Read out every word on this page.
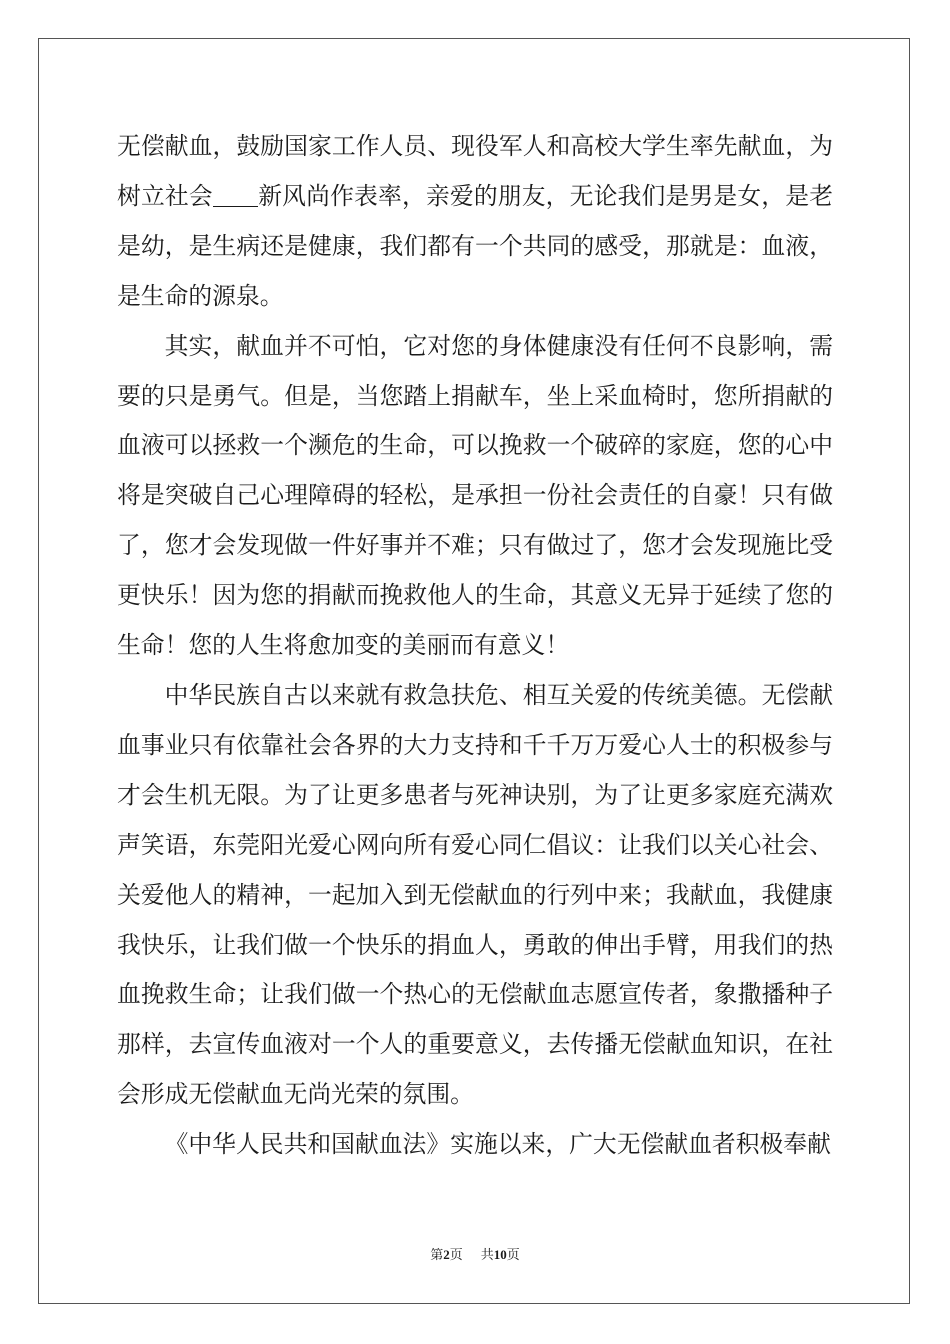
无偿献血，鼓励国家工作人员、现役军人和高校大学生率先献血，为树立社会 新风尚作表率，亲爱的朋友，无论我们是男是女，是老是幼，是生病还是健康，我们都有一个共同的感受，那就是：血液，是生命的源泉。

其实，献血并不可怕，它对您的身体健康没有任何不良影响，需要的只是勇气。但是，当您踏上捐献车，坐上采血椅时，您所捐献的血液可以拯救一个濒危的生命，可以挽救一个破碎的家庭，您的心中将是突破自己心理障碍的轻松，是承担一份社会责任的自豪！只有做了，您才会发现做一件好事并不难；只有做过了，您才会发现施比受更快乐！因为您的捐献而挽救他人的生命，其意义无异于延续了您的生命！您的人生将愈加变的美丽而有意义！

中华民族自古以来就有救急扶危、相互关爱的传统美德。无偿献血事业只有依靠社会各界的大力支持和千千万万爱心人士的积极参与才会生机无限。为了让更多患者与死神诀别，为了让更多家庭充满欢声笑语，东莞阳光爱心网向所有爱心同仁倡议：让我们以关心社会、关爱他人的精神，一起加入到无偿献血的行列中来；我献血，我健康我快乐，让我们做一个快乐的捐血人，勇敢的伸出手臂，用我们的热血挽救生命；让我们做一个热心的无偿献血志愿宣传者，象撒播种子那样，去宣传血液对一个人的重要意义，去传播无偿献血知识，在社会形成无偿献血无尚光荣的氛围。

《中华人民共和国献血法》实施以来，广大无偿献血者积极奉献

第2页 共10页
